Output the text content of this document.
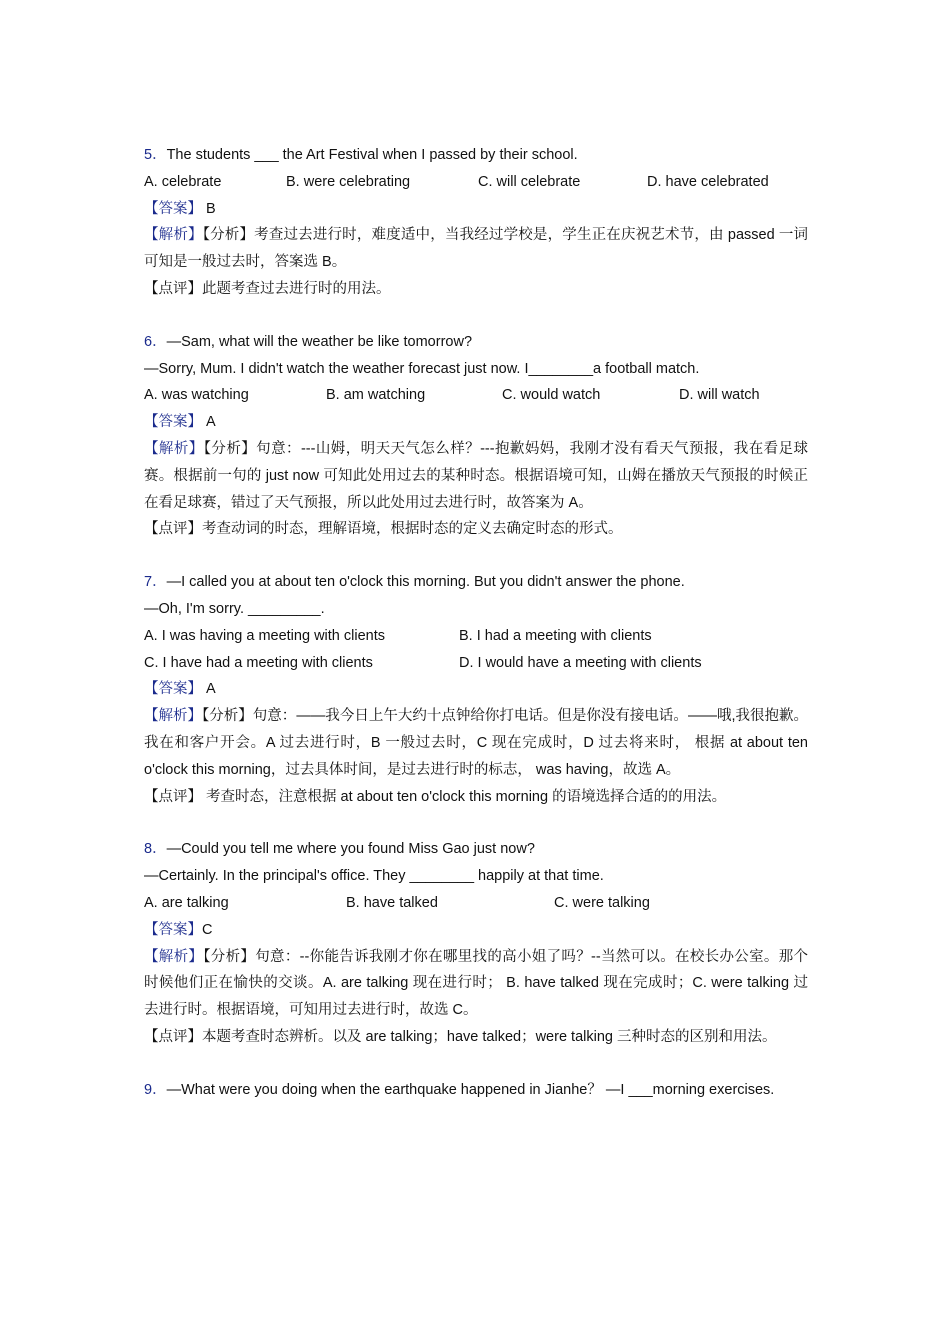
5．The students ___ the Art Festival when I passed by their school.
A. celebrate	B. were celebrating	C. will celebrate	D. have celebrated
【答案】 B
【解析】【分析】考查过去进行时，难度适中，当我经过学校是，学生正在庆祝艺术节，由 passed 一词可知是一般过去时，答案选 B。
【点评】此题考查过去进行时的用法。
6．—Sam, what will the weather be like tomorrow?
—Sorry, Mum. I didn't watch the weather forecast just now. I________a football match.
A. was watching	B. am watching	C. would watch	D. will watch
【答案】 A
【解析】【分析】句意：---山姆，明天天气怎么样？---抱歉妈妈，我刚才没有看天气预报，我在看足球赛。根据前一句的 just now 可知此处用过去的某种时态。根据语境可知，山姆在播放天气预报的时候正在看足球赛，错过了天气预报，所以此处用过去进行时，故答案为 A。
【点评】考查动词的时态，理解语境，根据时态的定义去确定时态的形式。
7．—I called you at about ten o'clock this morning. But you didn't answer the phone.
—Oh, I'm sorry. _________.
A. I was having a meeting with clients	B. I had a meeting with clients
C. I have had a meeting with clients	D. I would have a meeting with clients
【答案】 A
【解析】【分析】句意：——我今日上午大约十点钟给你打电话。但是你没有接电话。——哦,我很抱歉。我在和客户开会。A 过去进行时，B 一般过去时，C 现在完成时，D 过去将来时， 根据 at about ten o'clock this morning，过去具体时间，是过去进行时的标志， was having，故选 A。
【点评】 考查时态，注意根据 at about ten o'clock this morning 的语境选择合适的的用法。
8．—Could you tell me where you found Miss Gao just now?
—Certainly. In the principal's office. They ________ happily at that time.
A. are talking	B. have talked	C. were talking
【答案】C
【解析】【分析】句意：--你能告诉我刚才你在哪里找的高小姐了吗？--当然可以。在校长办公室。那个时候他们正在愉快的交谈。A. are talking 现在进行时； B. have talked 现在完成时；C. were talking 过去进行时。根据语境，可知用过去进行时，故选 C。
【点评】本题考查时态辨析。以及 are talking；have talked；were talking 三种时态的区别和用法。
9．—What were you doing when the earthquake happened in Jianhe？ —I ___morning exercises.
